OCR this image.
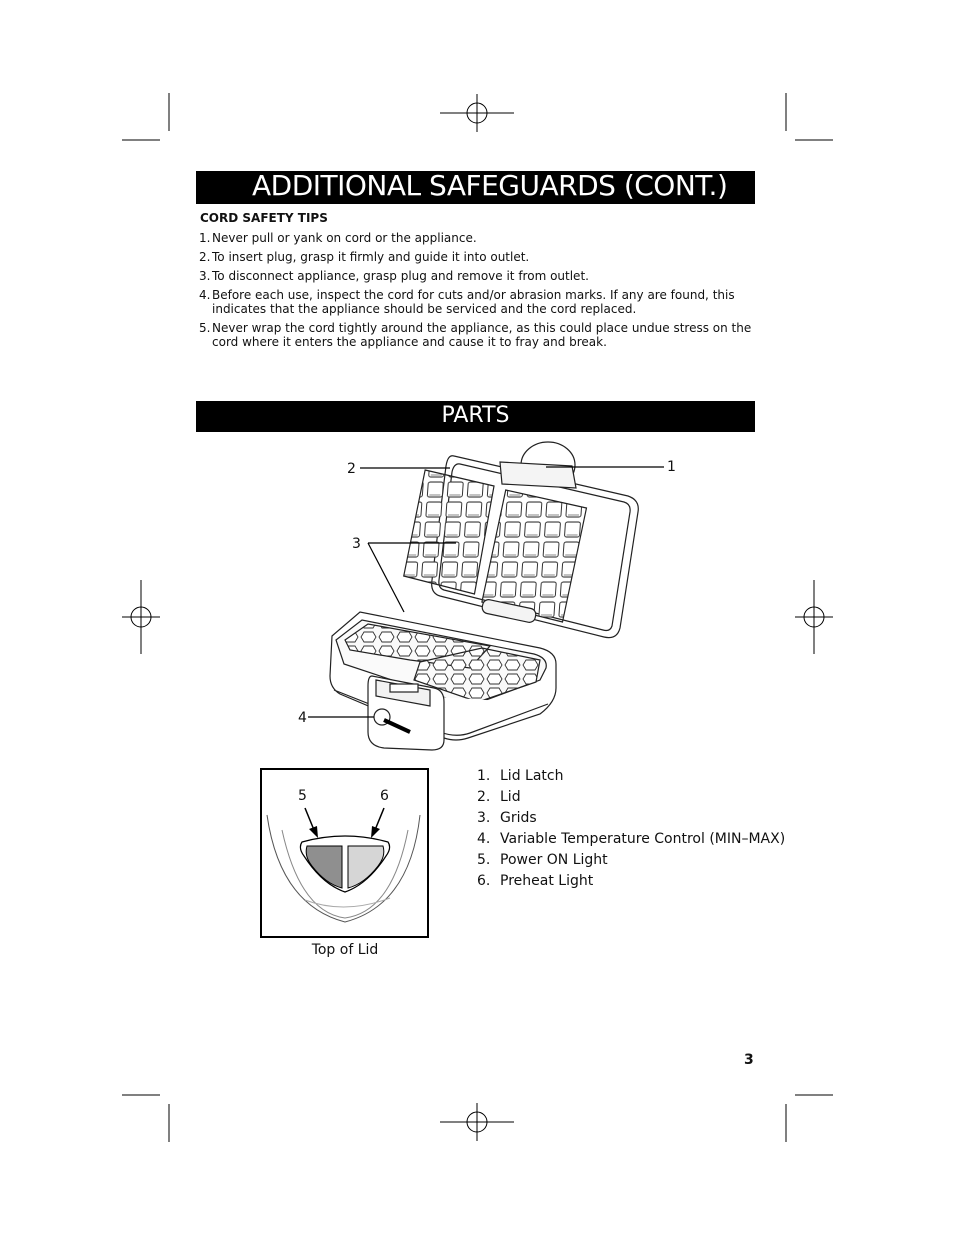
ADDITIONAL SAFEGUARDS (CONT.)
CORD SAFETY TIPS
1. Never pull or yank on cord or the appliance.
2. To insert plug, grasp it firmly and guide it into outlet.
3. To disconnect appliance, grasp plug and remove it from outlet.
4. Before each use, inspect the cord for cuts and/or abrasion marks. If any are found, this indicates that the appliance should be serviced and the cord replaced.
5. Never wrap the cord tightly around the appliance, as this could place undue stress on the cord where it enters the appliance and cause it to fray and break.
PARTS
2	1
3
4
5	6
Top of Lid
1. Lid Latch
2. Lid
3. Grids
4. Variable Temperature Control (MIN–MAX)
5. Power ON Light
6. Preheat Light
3
